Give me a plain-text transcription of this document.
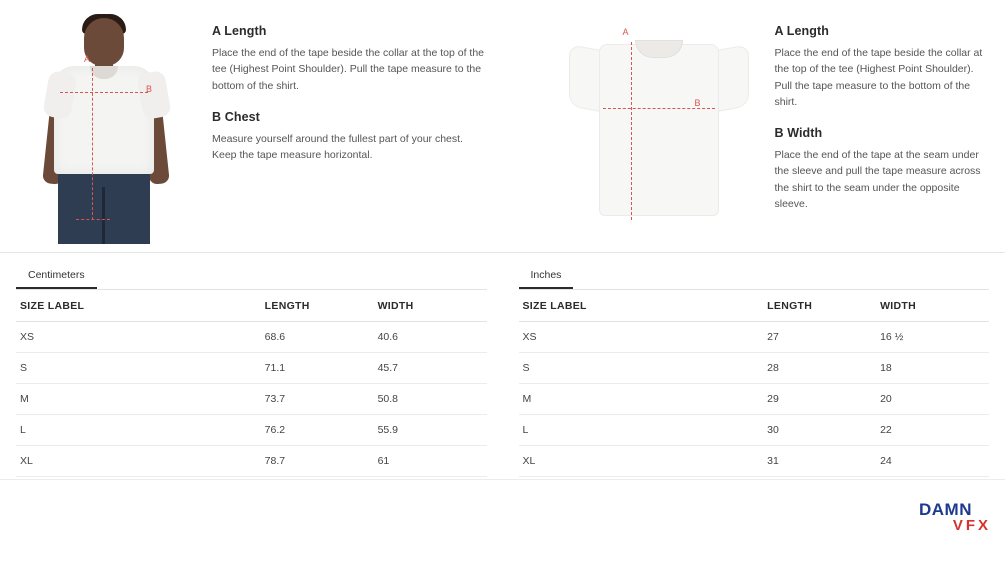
A
B

A Length

Place the end of the tape beside the collar at the top of the tee (Highest Point Shoulder). Pull the tape measure to the bottom of the shirt.

B Chest

Measure yourself around the fullest part of your chest. Keep the tape measure horizontal.

A
B

A Length

Place the end of the tape beside the collar at the top of the tee (Highest Point Shoulder). Pull the tape measure to the bottom of the shirt.

B Width

Place the end of the tape at the seam under the sleeve and pull the tape measure across the shirt to the seam under the opposite sleeve.

Centimeters
SIZE LABEL	LENGTH	WIDTH
XS	68.6	40.6
S	71.1	45.7
M	73.7	50.8
L	76.2	55.9
XL	78.7	61
Inches
SIZE LABEL	LENGTH	WIDTH
XS	27	16 ½
S	28	18
M	29	20
L	30	22
XL	31	24
DAMN
VFX
